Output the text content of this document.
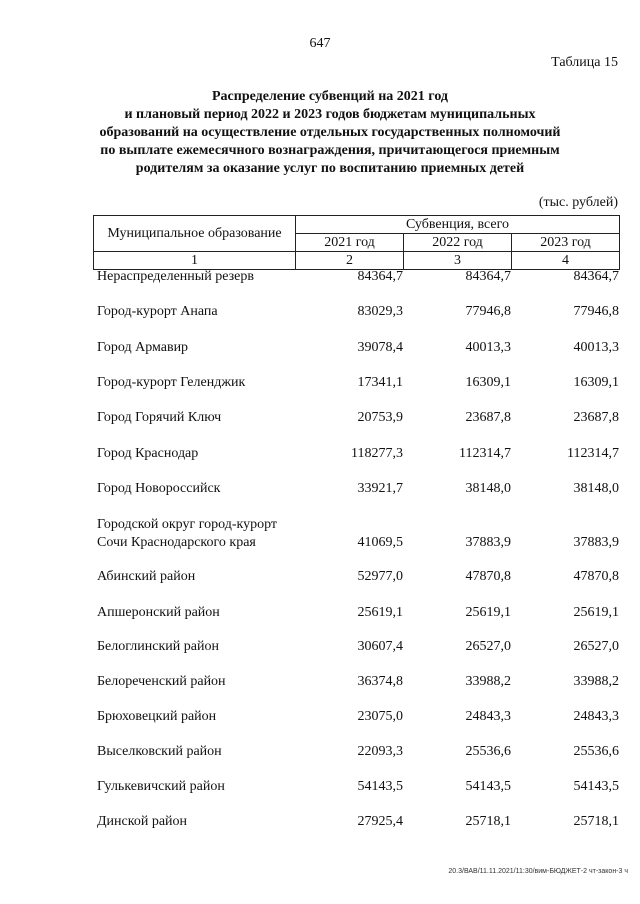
647
Таблица 15
Распределение субвенций на 2021 год
и плановый период 2022 и 2023 годов бюджетам муниципальных
образований на осуществление отдельных государственных полномочий
по выплате ежемесячного вознаграждения, причитающегося приемным
родителям за оказание услуг по воспитанию приемных детей
(тыс. рублей)
Муниципальное образование	Субвенция, всего		
	2021 год	2022 год	2023 год
1	2	3	4
Нераспределенный резерв	84364,7	84364,7	84364,7
Город-курорт Анапа	83029,3	77946,8	77946,8
Город Армавир	39078,4	40013,3	40013,3
Город-курорт Геленджик	17341,1	16309,1	16309,1
Город Горячий Ключ	20753,9	23687,8	23687,8
Город Краснодар	118277,3	112314,7	112314,7
Город Новороссийск	33921,7	38148,0	38148,0
Городской округ город-курорт
Сочи Краснодарского края	41069,5	37883,9	37883,9
Абинский район	52977,0	47870,8	47870,8
Апшеронский район	25619,1	25619,1	25619,1
Белоглинский район	30607,4	26527,0	26527,0
Белореченский район	36374,8	33988,2	33988,2
Брюховецкий район	23075,0	24843,3	24843,3
Выселковский район	22093,3	25536,6	25536,6
Гулькевичский район	54143,5	54143,5	54143,5
Динской район	27925,4	25718,1	25718,1
20.3/ВАВ/11.11.2021/11:30/вим-БЮДЖЕТ-2 чт-закон-3 ч
